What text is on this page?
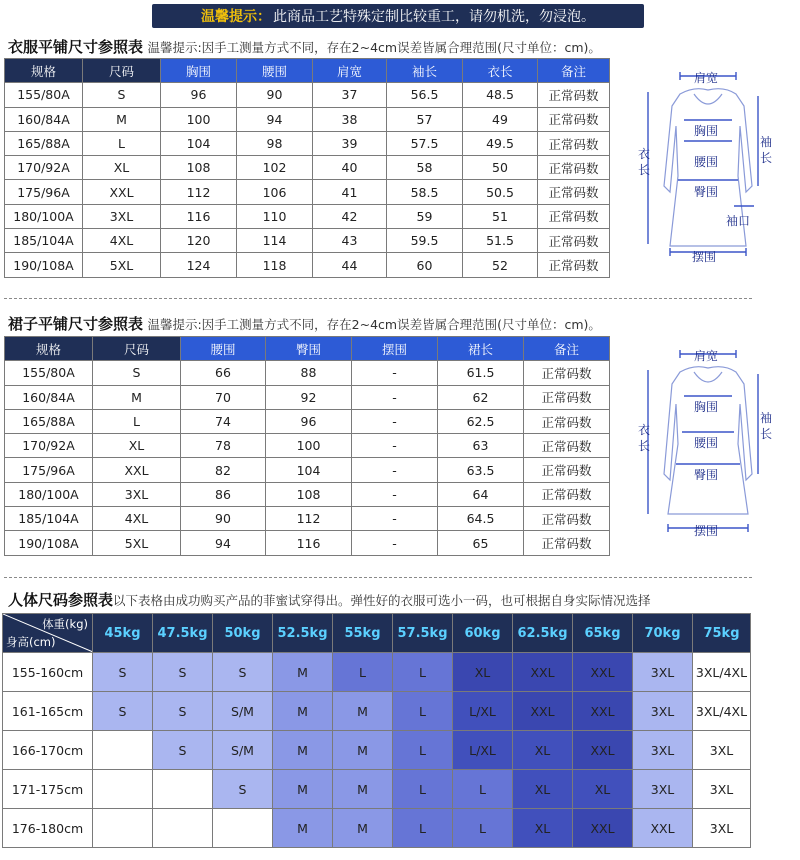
温馨提示： 此商品工艺特殊定制比较重工，请勿机洗，勿浸泡。
衣服平铺尺寸参照表 温馨提示:因手工测量方式不同，存在2~4cm误差皆属合理范围(尺寸单位：cm)。
规格	尺码	胸围	腰围	肩宽	袖长	衣长	备注
155/80A	S	96	90	37	56.5	48.5	正常码数
160/84A	M	100	94	38	57	49	正常码数
165/88A	L	104	98	39	57.5	49.5	正常码数
170/92A	XL	108	102	40	58	50	正常码数
175/96A	XXL	112	106	41	58.5	50.5	正常码数
180/100A	3XL	116	110	42	59	51	正常码数
185/104A	4XL	120	114	43	59.5	51.5	正常码数
190/108A	5XL	124	118	44	60	52	正常码数
肩宽
胸围
腰围
臀围
衣长
袖长
袖口
摆围
裙子平铺尺寸参照表 温馨提示:因手工测量方式不同，存在2~4cm误差皆属合理范围(尺寸单位：cm)。
规格	尺码	腰围	臀围	摆围	裙长	备注
155/80A	S	66	88	-	61.5	正常码数
160/84A	M	70	92	-	62	正常码数
165/88A	L	74	96	-	62.5	正常码数
170/92A	XL	78	100	-	63	正常码数
175/96A	XXL	82	104	-	63.5	正常码数
180/100A	3XL	86	108	-	64	正常码数
185/104A	4XL	90	112	-	64.5	正常码数
190/108A	5XL	94	116	-	65	正常码数
肩宽
胸围
腰围
臀围
衣长
袖长
摆围
人体尺码参照表以下表格由成功购买产品的菲蜜试穿得出。弹性好的衣服可选小一码，也可根据自身实际情况选择
体重(kg)
身高(cm)	45kg	47.5kg	50kg	52.5kg	55kg	57.5kg	60kg	62.5kg	65kg	70kg	75kg
155-160cm	S	S	S	M	L	L	XL	XXL	XXL	3XL	3XL/4XL
161-165cm	S	S	S/M	M	M	L	L/XL	XXL	XXL	3XL	3XL/4XL
166-170cm		S	S/M	M	M	L	L/XL	XL	XXL	3XL	3XL
171-175cm			S	M	M	L	L	XL	XL	3XL	3XL
176-180cm				M	M	L	L	XL	XXL	XXL	3XL
